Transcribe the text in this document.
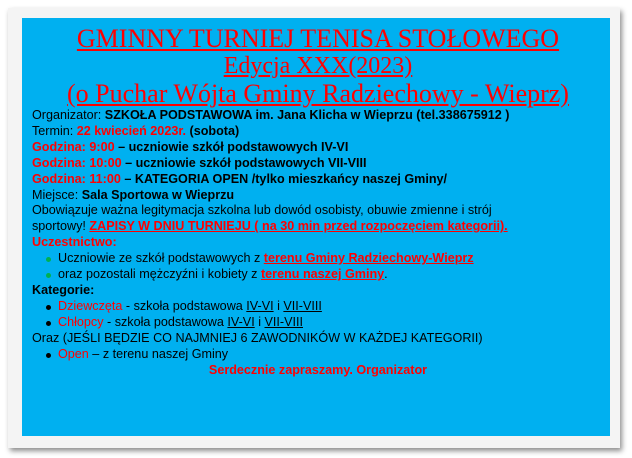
GMINNY TURNIEJ TENISA STOŁOWEGO
Edycja XXX(2023)
(o Puchar Wójta Gminy Radziechowy - Wieprz)

Organizator: SZKOŁA PODSTAWOWA im. Jana Klicha w Wieprzu (tel.338675912 )

Termin: 22 kwiecień 2023r. (sobota)

Godzina: 9:00 – uczniowie szkół podstawowych IV-VI

Godzina: 10:00 – uczniowie szkół podstawowych VII-VIII

Godzina: 11:00 – KATEGORIA OPEN /tylko mieszkańcy naszej Gminy/

Miejsce: Sala Sportowa w Wieprzu

Obowiązuje ważna legitymacja szkolna lub dowód osobisty, obuwie zmienne i strój

sportowy! ZAPISY W DNIU TURNIEJU ( na 30 min przed rozpoczęciem kategorii).

Uczestnictwo:

Uczniowie ze szkół podstawowych z terenu Gminy Radziechowy-Wieprz
oraz pozostali mężczyźni i kobiety z terenu naszej Gminy.

Kategorie:

Dziewczęta - szkoła podstawowa IV-VI i VII-VIII
Chłopcy - szkoła podstawowa IV-VI i VII-VIII

Oraz (JEŚLI BĘDZIE CO NAJMNIEJ 6 ZAWODNIKÓW W KAŻDEJ KATEGORII)

Open – z terenu naszej Gminy

Serdecznie zapraszamy. Organizator
